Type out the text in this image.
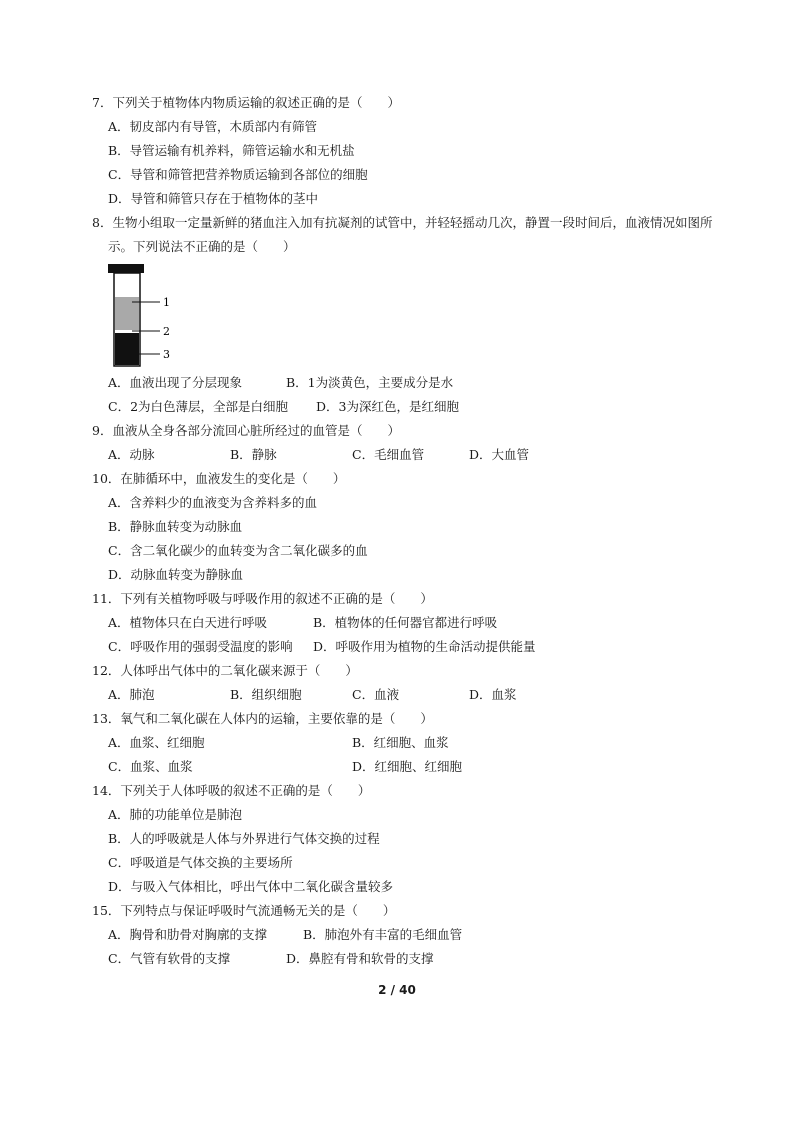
7．下列关于植物体内物质运输的叙述正确的是（　　）
A．韧皮部内有导管，木质部内有筛管
B．导管运输有机养料，筛管运输水和无机盐
C．导管和筛管把营养物质运输到各部位的细胞
D．导管和筛管只存在于植物体的茎中
8．生物小组取一定量新鲜的猪血注入加有抗凝剂的试管中，并轻轻摇动几次，静置一段时间后，血液情况如图所
示。下列说法不正确的是（　　）
1
2
3
A．血液出现了分层现象	B．1为淡黄色，主要成分是水
C．2为白色薄层，全部是白细胞 D．3为深红色，是红细胞
9．血液从全身各部分流回心脏所经过的血管是（　　）
A．动脉	B．静脉	C．毛细血管	D．大血管
10．在肺循环中，血液发生的变化是（　　）
A．含养料少的血液变为含养料多的血
B．静脉血转变为动脉血
C．含二氧化碳少的血转变为含二氧化碳多的血
D．动脉血转变为静脉血
11．下列有关植物呼吸与呼吸作用的叙述不正确的是（　　）
A．植物体只在白天进行呼吸	B．植物体的任何器官都进行呼吸
C．呼吸作用的强弱受温度的影响 D．呼吸作用为植物的生命活动提供能量
12．人体呼出气体中的二氧化碳来源于（　　）
A．肺泡	B．组织细胞	C．血液	D．血浆
13．氧气和二氧化碳在人体内的运输，主要依靠的是（　　）
A．血浆、红细胞	B．红细胞、血浆
C．血浆、血浆	D．红细胞、红细胞
14．下列关于人体呼吸的叙述不正确的是（　　）
A．肺的功能单位是肺泡
B．人的呼吸就是人体与外界进行气体交换的过程
C．呼吸道是气体交换的主要场所
D．与吸入气体相比，呼出气体中二氧化碳含量较多
15．下列特点与保证呼吸时气流通畅无关的是（　　）
A．胸骨和肋骨对胸廓的支撑	B．肺泡外有丰富的毛细血管
C．气管有软骨的支撑	D．鼻腔有骨和软骨的支撑
2 / 40
